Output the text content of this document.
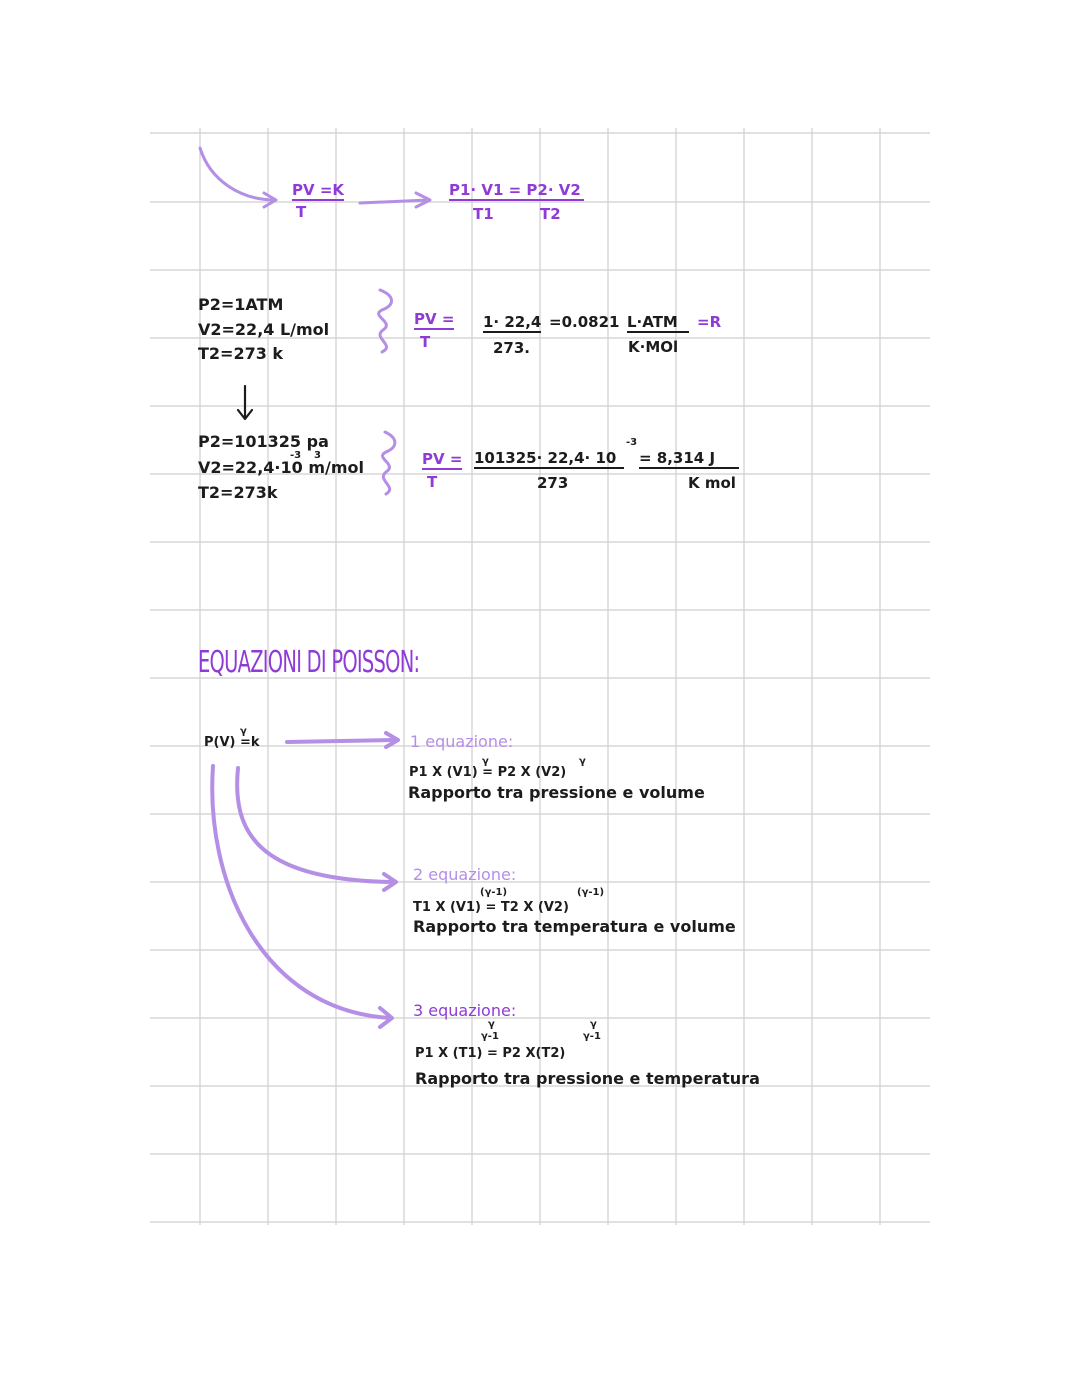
PV =K
T
P1· V1 = P2· V2
T1	T2
P2=1ATM
V2=22,4 L/mol
T2=273 k
PV =
T
1· 22,4
273.
=0.0821 L·ATM
K·MOl
=R
P2=101325 pa
V2=22,4·10 m/mol
-3 3
T2=273k
PV =
T
101325· 22,4· 10
-3
273
= 8,314 J
K mol
EQUAZIONI DI POISSON:
P(V) =k
γ
1 equazione:
P1 X (V1) = P2 X (V2)
γ	γ
Rapporto tra pressione e volume
2 equazione:
(γ-1)	(γ-1)
T1 X (V1) = T2 X (V2)
Rapporto tra temperatura e volume
3 equazione:
γ
γ-1
γ
γ-1
P1 X (T1) = P2 X(T2)
Rapporto tra pressione e temperatura
